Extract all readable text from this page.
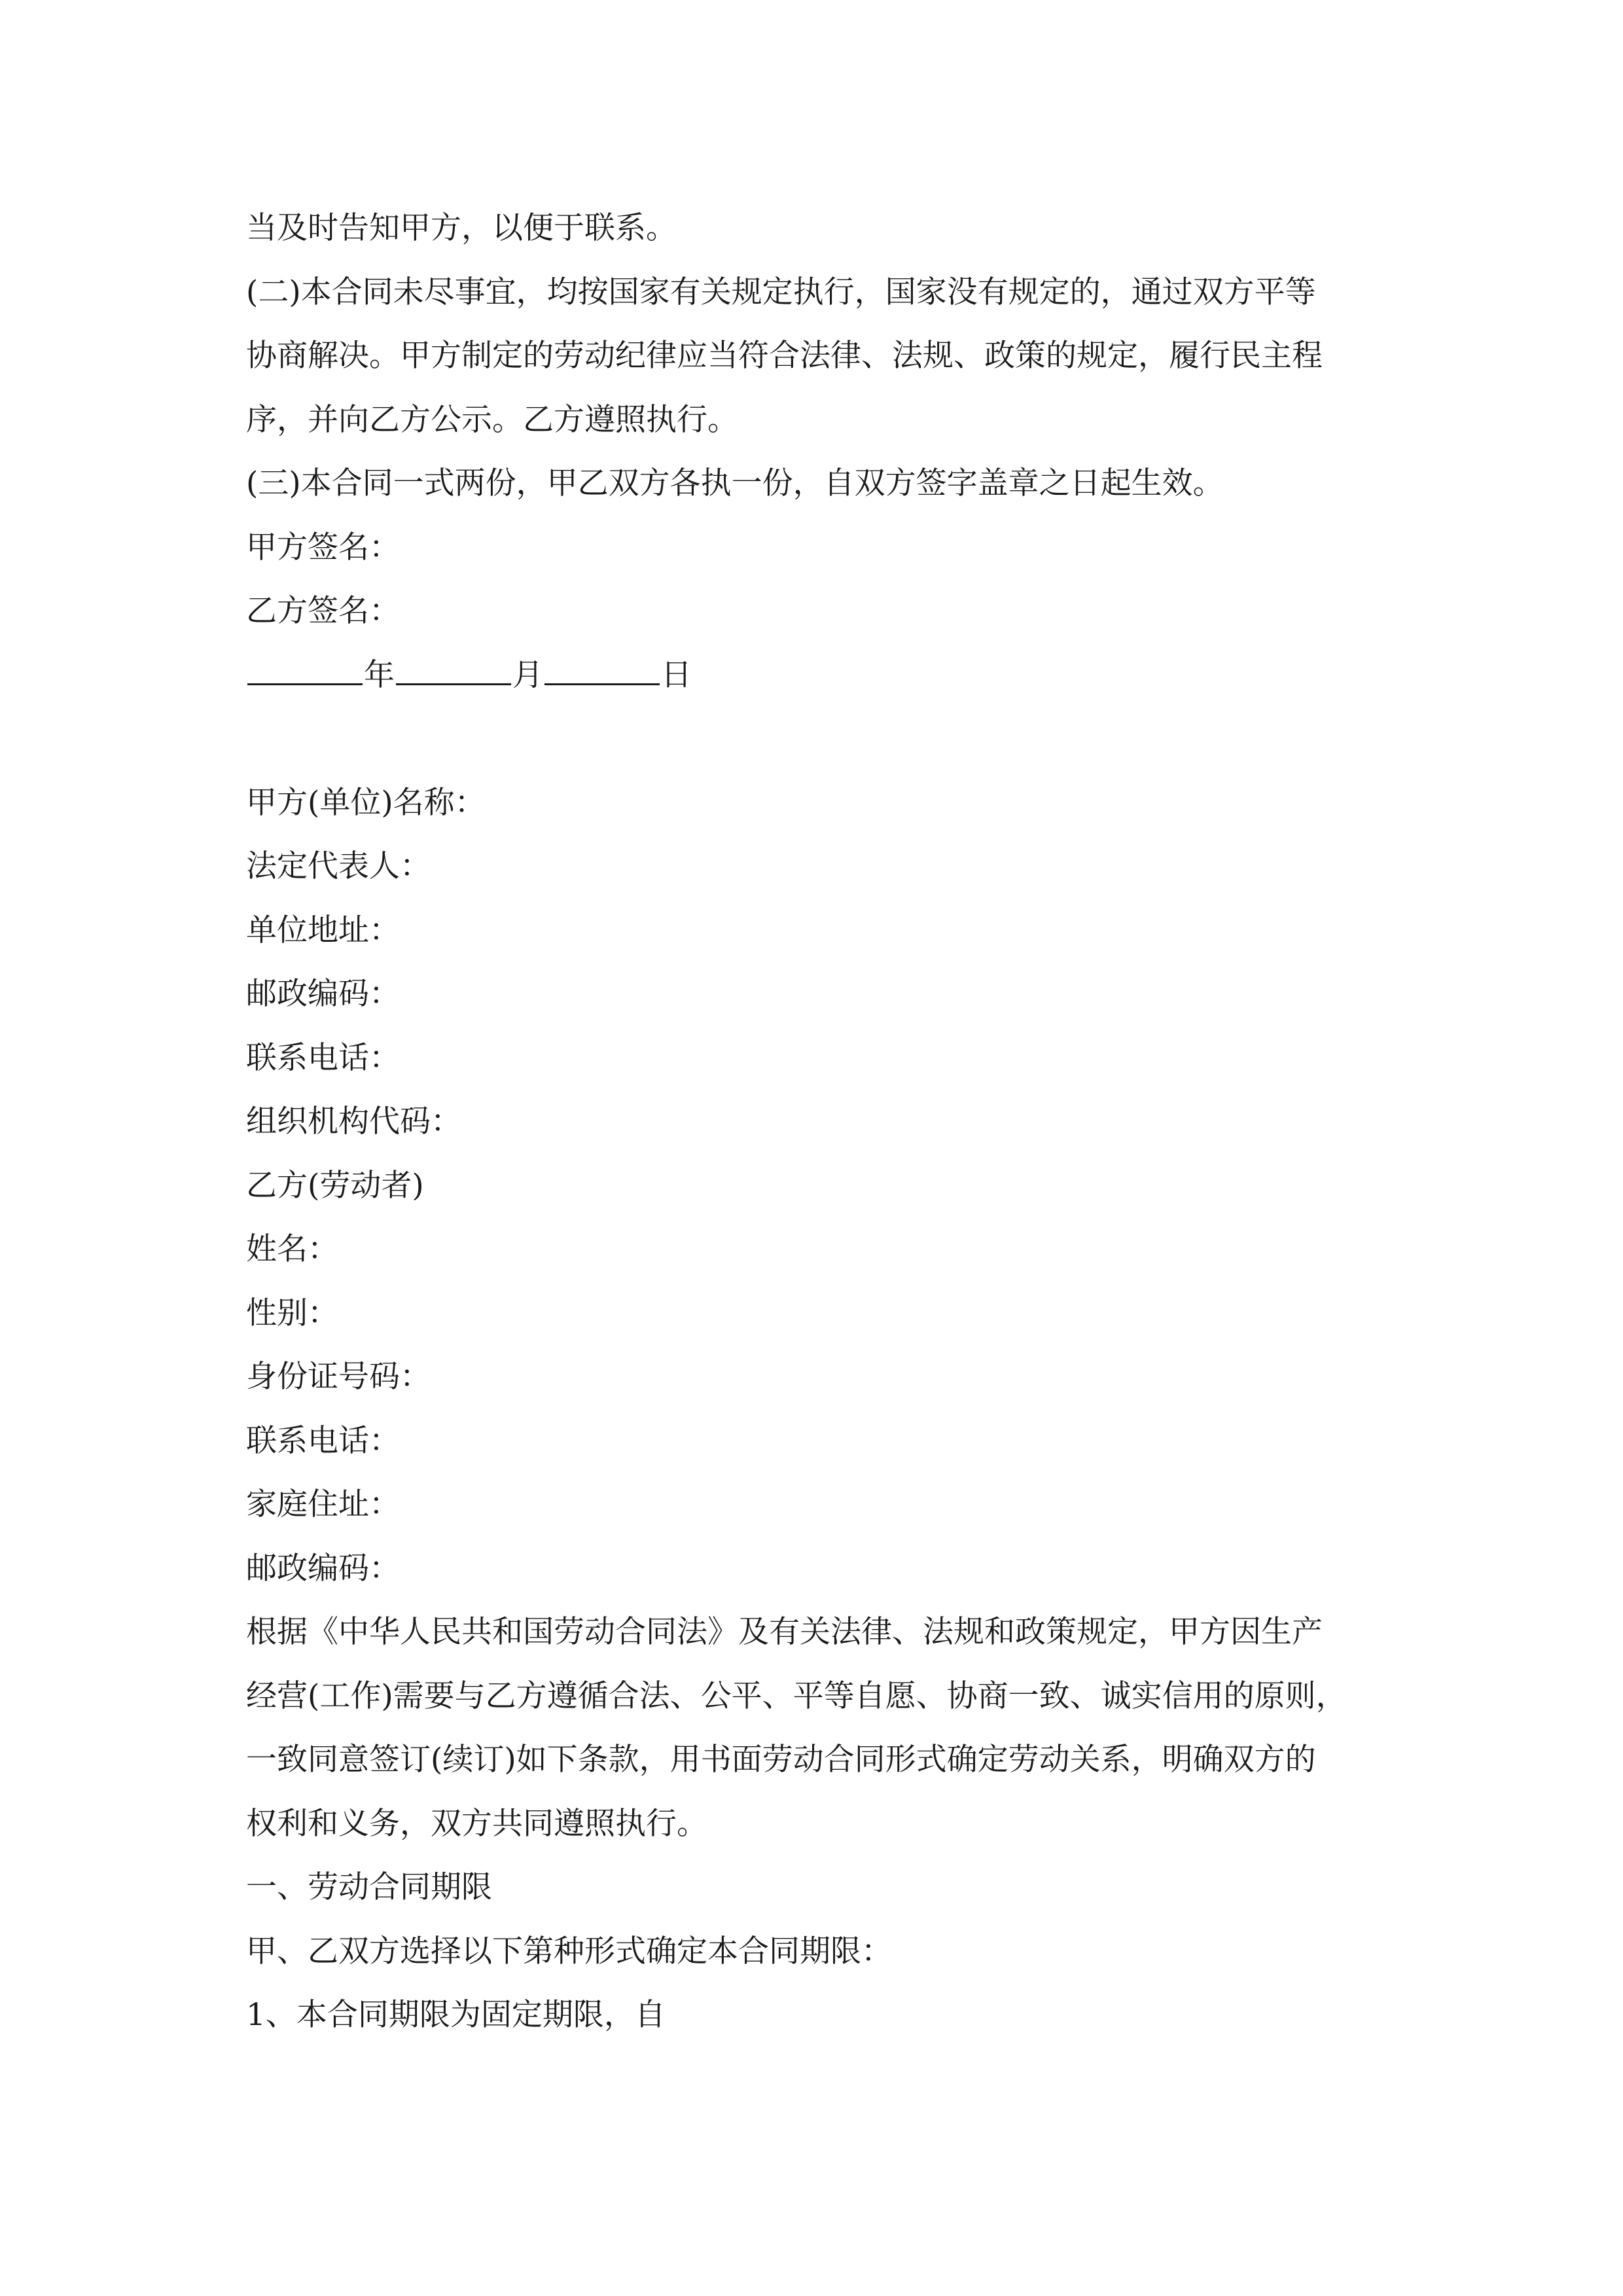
当及时告知甲方，以便于联系。
(二)本合同未尽事宜，均按国家有关规定执行，国家没有规定的，通过双方平等
协商解决。甲方制定的劳动纪律应当符合法律、法规、政策的规定，履行民主程
序，并向乙方公示。乙方遵照执行。
(三)本合同一式两份，甲乙双方各执一份，自双方签字盖章之日起生效。
甲方签名：
乙方签名：
年	月	日
甲方(单位)名称：
法定代表人：
单位地址：
邮政编码：
联系电话：
组织机构代码：
乙方(劳动者)
姓名：
性别：
身份证号码：
联系电话：
家庭住址：
邮政编码：
根据《中华人民共和国劳动合同法》及有关法律、法规和政策规定，甲方因生产
经营(工作)需要与乙方遵循合法、公平、平等自愿、协商一致、诚实信用的原则，
一致同意签订(续订)如下条款，用书面劳动合同形式确定劳动关系，明确双方的
权利和义务，双方共同遵照执行。
一、劳动合同期限
甲、乙双方选择以下第种形式确定本合同期限：
1、本合同期限为固定期限，自
